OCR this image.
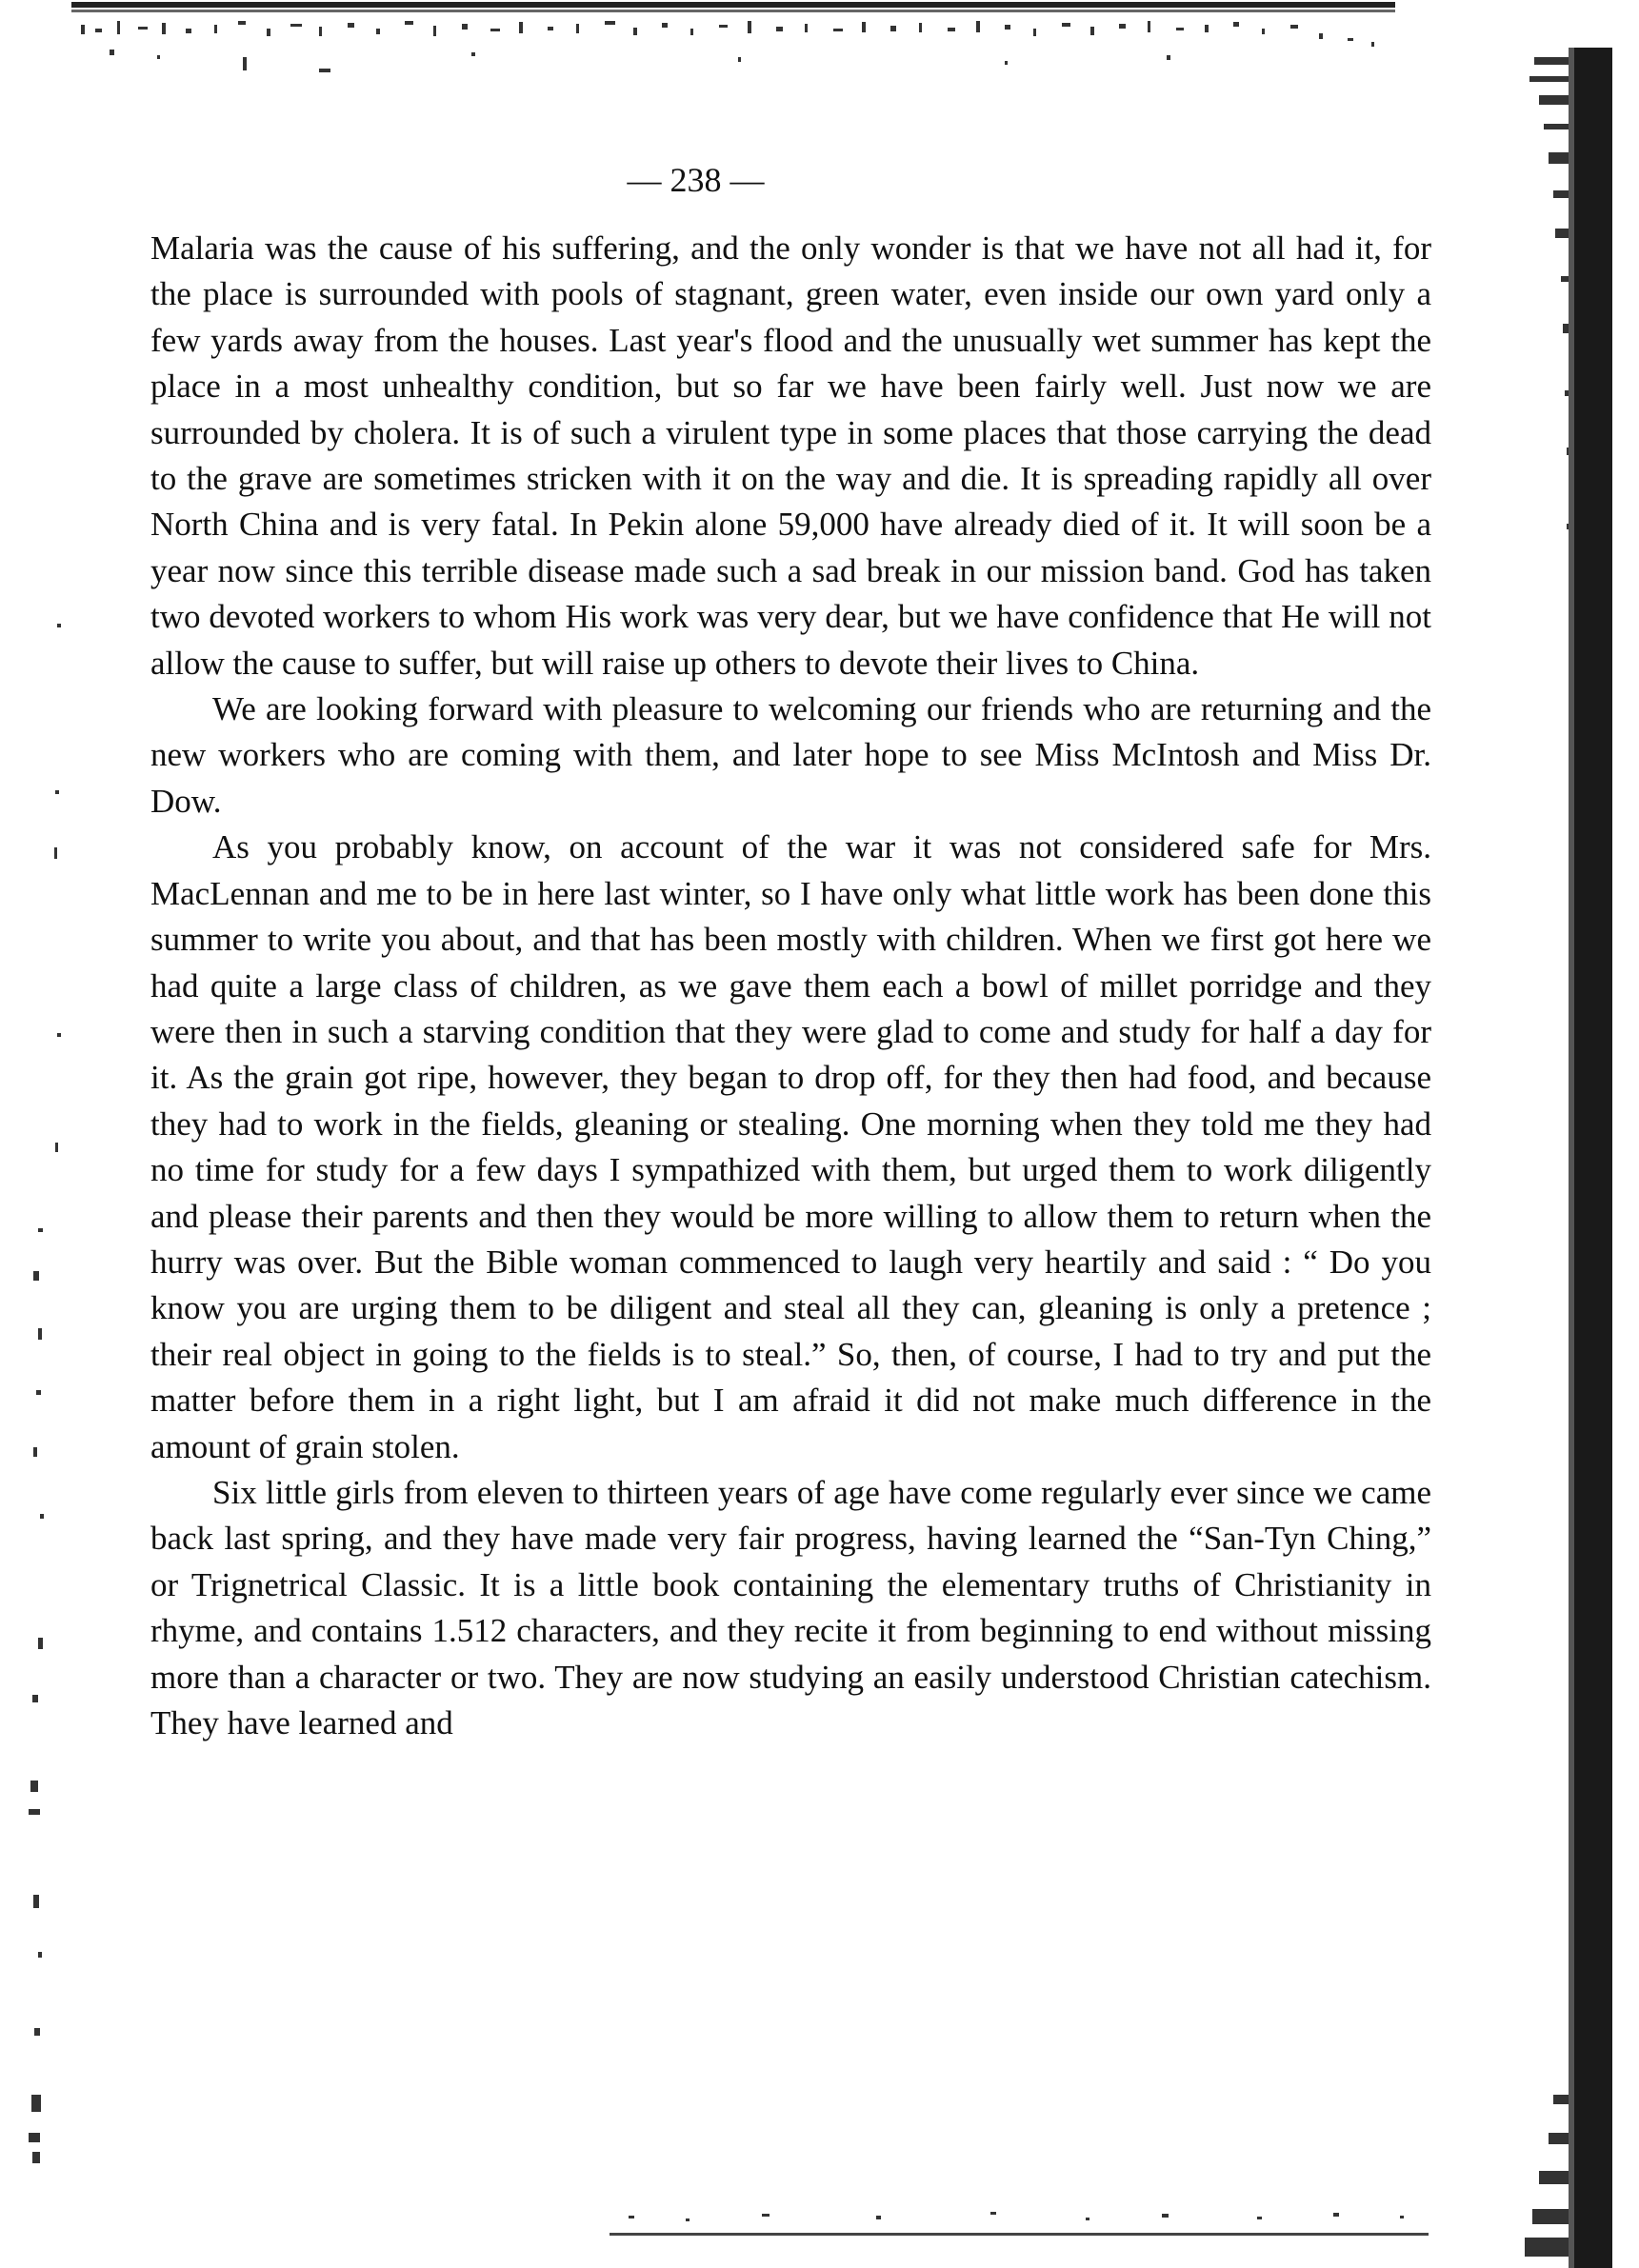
— 238 —

Malaria was the cause of his suffering, and the only wonder is that we have not all had it, for the place is surrounded with pools of stagnant, green water, even inside our own yard only a few yards away from the houses. Last year's flood and the unusually wet summer has kept the place in a most unhealthy condition, but so far we have been fairly well. Just now we are surrounded by cholera. It is of such a virulent type in some places that those carrying the dead to the grave are sometimes stricken with it on the way and die. It is spreading rapidly all over North China and is very fatal. In Pekin alone 59,000 have already died of it. It will soon be a year now since this terrible disease made such a sad break in our mission band. God has taken two devoted workers to whom His work was very dear, but we have confidence that He will not allow the cause to suffer, but will raise up others to devote their lives to China.

We are looking forward with pleasure to welcoming our friends who are returning and the new workers who are coming with them, and later hope to see Miss McIntosh and Miss Dr. Dow.

As you probably know, on account of the war it was not considered safe for Mrs. MacLennan and me to be in here last winter, so I have only what little work has been done this summer to write you about, and that has been mostly with children. When we first got here we had quite a large class of children, as we gave them each a bowl of millet porridge and they were then in such a starving condition that they were glad to come and study for half a day for it. As the grain got ripe, however, they began to drop off, for they then had food, and because they had to work in the fields, gleaning or stealing. One morning when they told me they had no time for study for a few days I sympathized with them, but urged them to work diligently and please their parents and then they would be more willing to allow them to return when the hurry was over. But the Bible woman commenced to laugh very heartily and said : “ Do you know you are urging them to be diligent and steal all they can, gleaning is only a pretence ; their real object in going to the fields is to steal.” So, then, of course, I had to try and put the matter before them in a right light, but I am afraid it did not make much difference in the amount of grain stolen.

Six little girls from eleven to thirteen years of age have come regularly ever since we came back last spring, and they have made very fair progress, having learned the “San-Tyn Ching,” or Trignetrical Classic. It is a little book containing the elementary truths of Christianity in rhyme, and contains 1.512 characters, and they recite it from beginning to end without missing more than a character or two. They are now studying an easily understood Christian catechism. They have learned and
